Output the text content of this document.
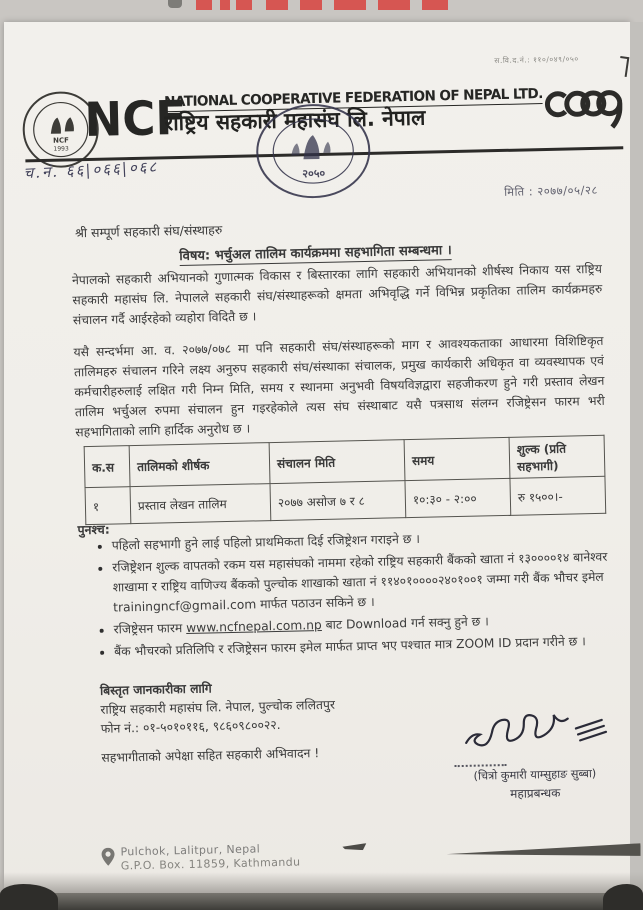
स.वि.द.नं.: ११०/०४९/०५०
NCF
1993
NCF
NATIONAL COOPERATIVE FEDERATION OF NEPAL LTD.
राष्ट्रिय सहकारी महासंघ लि. नेपाल
च.नं. ६६|०६६|०६८	२०५०
मिति : २०७७/०५/२८
श्री सम्पूर्ण सहकारी संघ/संस्थाहरु
विषय: भर्चुअल तालिम कार्यक्रममा सहभागिता सम्बन्धमा ।
नेपालको सहकारी अभियानको गुणात्मक विकास र बिस्तारका लागि सहकारी अभियानको शीर्षस्थ निकाय यस राष्ट्रिय सहकारी महासंघ लि. नेपालले सहकारी संघ/संस्थाहरूको क्षमता अभिवृद्धि गर्ने विभिन्न प्रकृतिका तालिम कार्यक्रमहरु संचालन गर्दै आईरहेको व्यहोरा विदितै छ ।
यसै सन्दर्भमा आ. व. २०७७/०७८ मा पनि सहकारी संघ/संस्थाहरूको माग र आवश्यकताका आधारमा विशिष्टिकृत तालिमहरु संचालन गरिने लक्ष्य अनुरुप सहकारी संघ/संस्थाका संचालक, प्रमुख कार्यकारी अधिकृत वा व्यवस्थापक एवं कर्मचारीहरुलाई लक्षित गरी निम्न मिति, समय र स्थानमा अनुभवी विषयविज्ञद्वारा सहजीकरण हुने गरी प्रस्ताव लेखन तालिम भर्चुअल रुपमा संचालन हुन गइरहेकोले त्यस संघ संस्थाबाट यसै पत्रसाथ संलग्न रजिष्ट्रेसन फारम भरी सहभागिताको लागि हार्दिक अनुरोध छ ।
क.स	तालिमको शीर्षक	संचालन मिति	समय	शुल्क (प्रति सहभागी)
१	प्रस्ताव लेखन तालिम	२०७७ असोज ७ र ८	१०:३० - २:००	रु १५००।-
पुनश्च:
• पहिलो सहभागी हुने लाई पहिलो प्राथमिकता दिई रजिष्ट्रेशन गराइने छ ।
• रजिष्ट्रेशन शुल्क वापतको रकम यस महासंघको नाममा रहेको राष्ट्रिय सहकारी बैंकको खाता नं १३००००१४ बानेश्वर शाखामा र राष्ट्रिय वाणिज्य बैंकको पुल्चोक शाखाको खाता नं ११४०१००००२४०१००१ जम्मा गरी बैंक भौचर इमेल trainingncf@gmail.com मार्फत पठाउन सकिने छ ।
• रजिष्ट्रेसन फारम www.ncfnepal.com.np बाट Download गर्न सक्नु हुने छ ।
• बैंक भौचरको प्रतिलिपि र रजिष्ट्रेसन फारम इमेल मार्फत प्राप्त भए पश्चात मात्र ZOOM ID प्रदान गरीने छ ।
बिस्तृत जानकारीका लागि
राष्ट्रिय सहकारी महासंघ लि. नेपाल, पुल्चोक ललितपुर
फोन नं.: ०१-५०१०११६, ९८६०९८००२२.
सहभागीताको अपेक्षा सहित सहकारी अभिवादन !
(चित्रो कुमारी याम्सुहाङ सुब्बा)
महाप्रबन्धक
Pulchok, Lalitpur, Nepal
G.P.O. Box. 11859, Kathmandu
